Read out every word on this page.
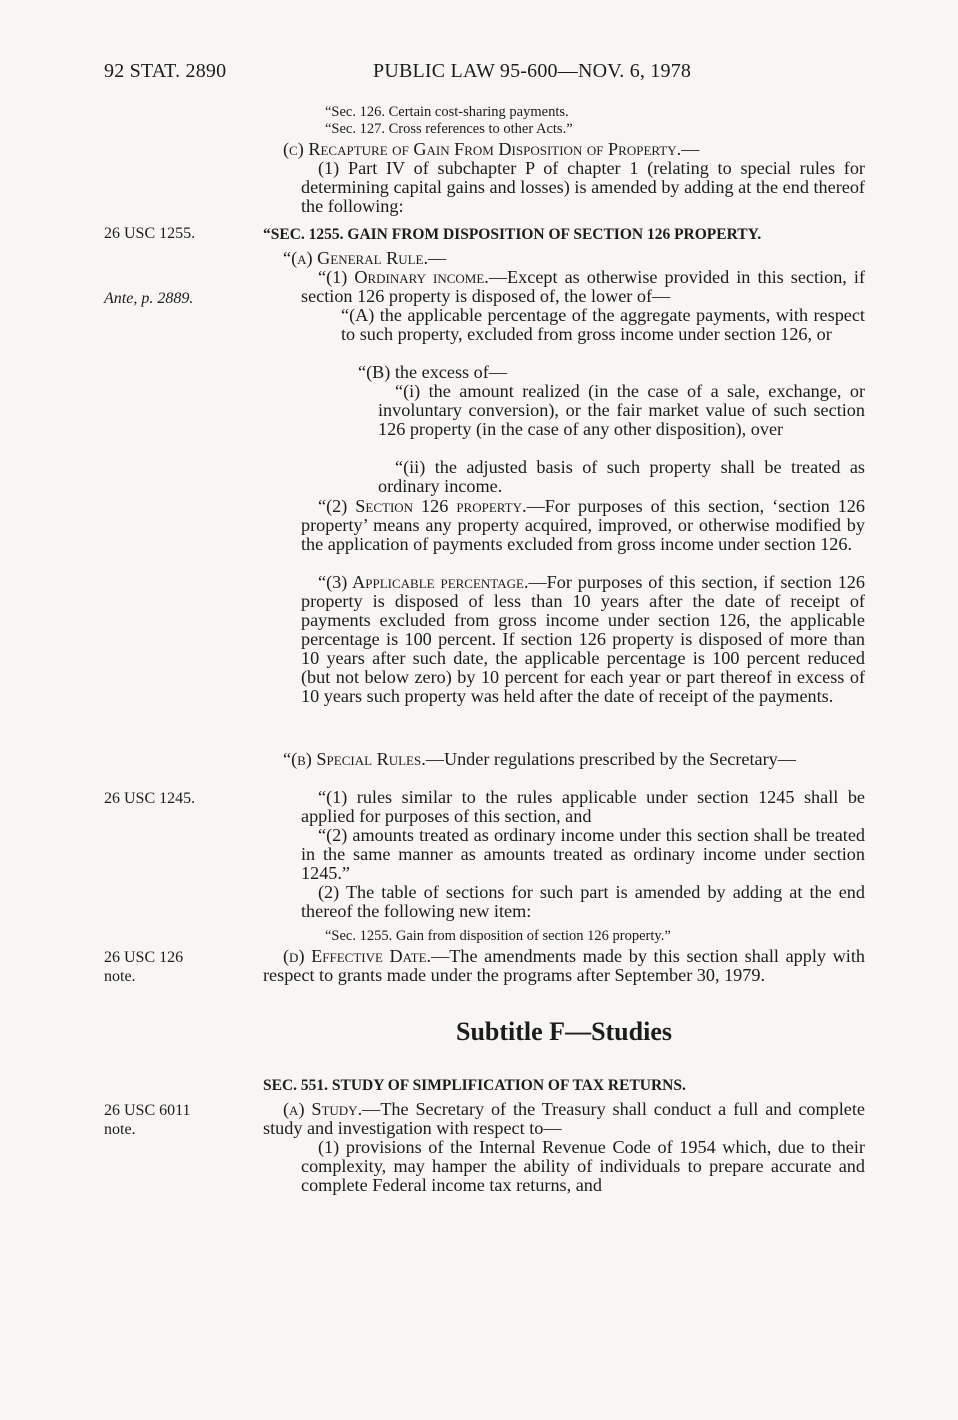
92 STAT. 2890	PUBLIC LAW 95-600—NOV. 6, 1978
26 USC 1255.
Ante, p. 2889.
26 USC 1245.
26 USC 126
note.
26 USC 6011
note.
“Sec. 126. Certain cost-sharing payments.
“Sec. 127. Cross references to other Acts.”

(c) Recapture of Gain From Disposition of Property.—

(1) Part IV of subchapter P of chapter 1 (relating to special rules for determining capital gains and losses) is amended by adding at the end thereof the following:

“SEC. 1255. GAIN FROM DISPOSITION OF SECTION 126 PROPERTY.

“(a) General Rule.—

“(1) Ordinary income.—Except as otherwise provided in this section, if section 126 property is disposed of, the lower of—

“(A) the applicable percentage of the aggregate payments, with respect to such property, excluded from gross income under section 126, or

“(B) the excess of—

“(i) the amount realized (in the case of a sale, exchange, or involuntary conversion), or the fair market value of such section 126 property (in the case of any other disposition), over

“(ii) the adjusted basis of such property shall be treated as ordinary income.

“(2) Section 126 property.—For purposes of this section, ‘section 126 property’ means any property acquired, improved, or otherwise modified by the application of payments excluded from gross income under section 126.

“(3) Applicable percentage.—For purposes of this section, if section 126 property is disposed of less than 10 years after the date of receipt of payments excluded from gross income under section 126, the applicable percentage is 100 percent. If section 126 property is disposed of more than 10 years after such date, the applicable percentage is 100 percent reduced (but not below zero) by 10 percent for each year or part thereof in excess of 10 years such property was held after the date of receipt of the payments.

“(b) Special Rules.—Under regulations prescribed by the Secretary—

“(1) rules similar to the rules applicable under section 1245 shall be applied for purposes of this section, and

“(2) amounts treated as ordinary income under this section shall be treated in the same manner as amounts treated as ordinary income under section 1245.”

(2) The table of sections for such part is amended by adding at the end thereof the following new item:

“Sec. 1255. Gain from disposition of section 126 property.”

(d) Effective Date.—The amendments made by this section shall apply with respect to grants made under the programs after September 30, 1979.

Subtitle F—Studies

SEC. 551. STUDY OF SIMPLIFICATION OF TAX RETURNS.

(a) Study.—The Secretary of the Treasury shall conduct a full and complete study and investigation with respect to—

(1) provisions of the Internal Revenue Code of 1954 which, due to their complexity, may hamper the ability of individuals to prepare accurate and complete Federal income tax returns, and
